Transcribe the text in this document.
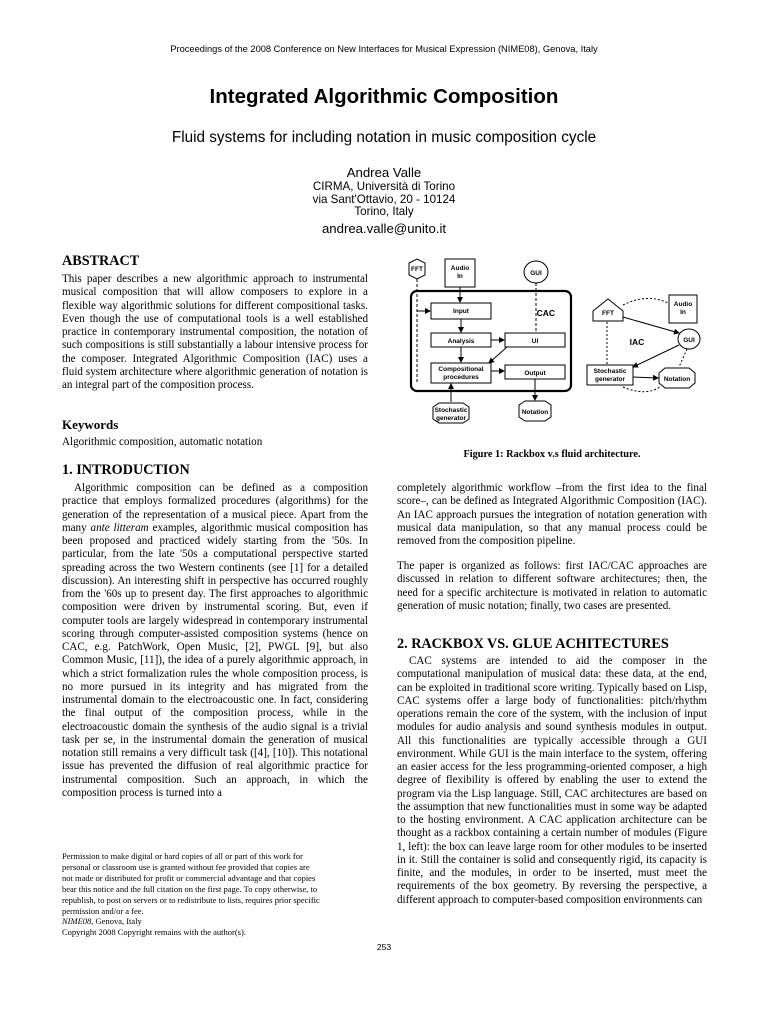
Proceedings of the 2008 Conference on New Interfaces for Musical Expression (NIME08), Genova, Italy
Integrated Algorithmic Composition
Fluid systems for including notation in music composition cycle
Andrea Valle
CIRMA, Università di Torino
via Sant'Ottavio, 20 - 10124
Torino, Italy
andrea.valle@unito.it
ABSTRACT

This paper describes a new algorithmic approach to instrumental musical composition that will allow composers to explore in a flexible way algorithmic solutions for different compositional tasks. Even though the use of computational tools is a well established practice in contemporary instrumental composition, the notation of such compositions is still substantially a labour intensive process for the composer. Integrated Algorithmic Composition (IAC) uses a fluid system architecture where algorithmic generation of notation is an integral part of the composition process.

Keywords

Algorithmic composition, automatic notation

1. INTRODUCTION

Algorithmic composition can be defined as a composition practice that employs formalized procedures (algorithms) for the generation of the representation of a musical piece. Apart from the many ante litteram examples, algorithmic musical composition has been proposed and practiced widely starting from the '50s. In particular, from the late '50s a computational perspective started spreading across the two Western continents (see [1] for a detailed discussion). An interesting shift in perspective has occurred roughly from the '60s up to present day. The first approaches to algorithmic composition were driven by instrumental scoring. But, even if computer tools are largely widespread in contemporary instrumental scoring through computer-assisted composition systems (hence on CAC, e.g. PatchWork, Open Music, [2], PWGL [9], but also Common Music, [11]), the idea of a purely algorithmic approach, in which a strict formalization rules the whole composition process, is no more pursued in its integrity and has migrated from the instrumental domain to the electroacoustic one. In fact, considering the final output of the composition process, while in the electroacoustic domain the synthesis of the audio signal is a trivial task per se, in the instrumental domain the generation of musical notation still remains a very difficult task ([4], [10]). This notational issue has prevented the diffusion of real algorithmic practice for instrumental composition. Such an approach, in which the composition process is turned into a

Permission to make digital or hard copies of all or part of this work for
personal or classroom use is granted without fee provided that copies are
not made or distributed for profit or commercial advantage and that copies
bear this notice and the full citation on the first page. To copy otherwise, to
republish, to post on servers or to redistribute to lists, requires prior specific
permission and/or a fee.
NIME08, Genova, Italy
Copyright 2008 Copyright remains with the author(s).
CAC
FFT	Audio
In	GUI
Input
Analysis	UI
Compositional
procedures
Output
Stochastic
generator
Notation
FFT
Audio
In
GUI
IAC
Stochastic
generator	Notation
Figure 1: Rackbox v.s fluid architecture.

completely algorithmic workflow –from the first idea to the final score–, can be defined as Integrated Algorithmic Composition (IAC). An IAC approach pursues the integration of notation generation with musical data manipulation, so that any manual process could be removed from the composition pipeline.

The paper is organized as follows: first IAC/CAC approaches are discussed in relation to different software architectures; then, the need for a specific architecture is motivated in relation to automatic generation of music notation; finally, two cases are presented.

2. RACKBOX VS. GLUE ACHITECTURES

CAC systems are intended to aid the composer in the computational manipulation of musical data: these data, at the end, can be exploited in traditional score writing. Typically based on Lisp, CAC systems offer a large body of functionalities: pitch/rhythm operations remain the core of the system, with the inclusion of input modules for audio analysis and sound synthesis modules in output. All this functionalities are typically accessible through a GUI environment. While GUI is the main interface to the system, offering an easier access for the less programming-oriented composer, a high degree of flexibility is offered by enabling the user to extend the program via the Lisp language. Still, CAC architectures are based on the assumption that new functionalities must in some way be adapted to the hosting environment. A CAC application architecture can be thought as a rackbox containing a certain number of modules (Figure 1, left): the box can leave large room for other modules to be inserted in it. Still the container is solid and consequently rigid, its capacity is finite, and the modules, in order to be inserted, must meet the requirements of the box geometry. By reversing the perspective, a different approach to computer-based composition environments can

253
